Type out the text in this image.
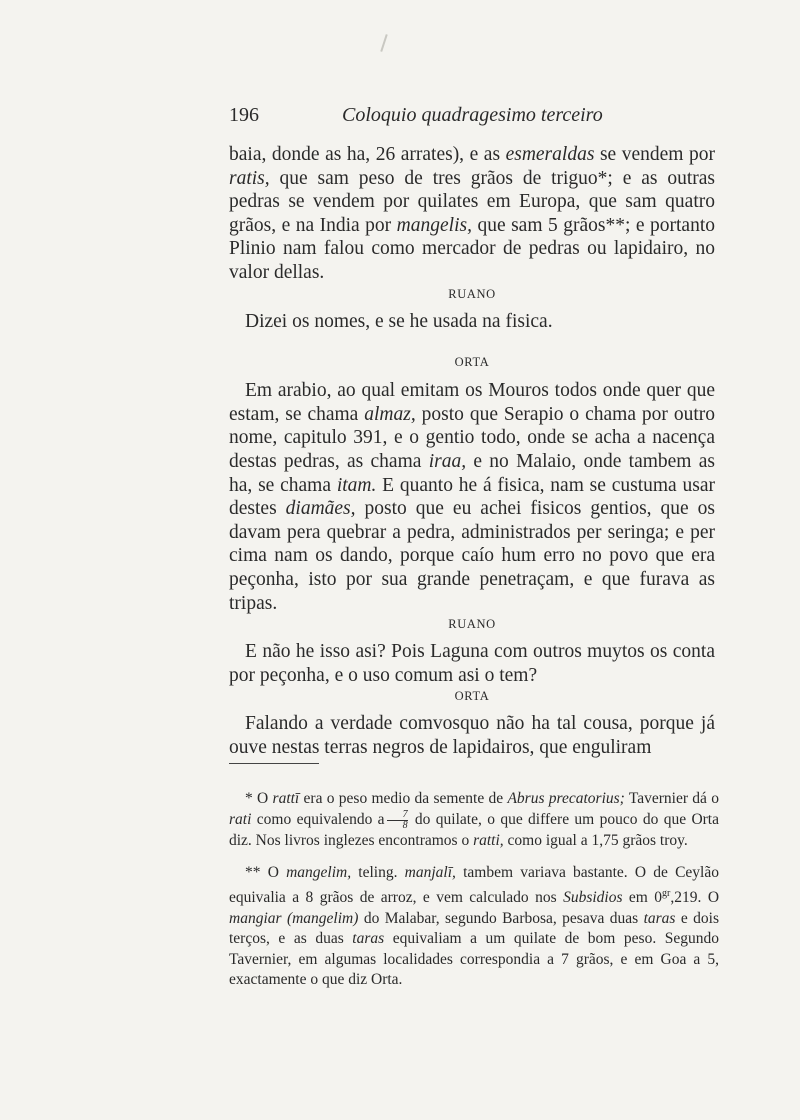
196	Coloquio quadragesimo terceiro

baia, donde as ha, 26 arrates), e as esmeraldas se vendem por ratis, que sam peso de tres grãos de triguo*; e as outras pedras se vendem por quilates em Europa, que sam quatro grãos, e na India por mangelis, que sam 5 grãos**; e portanto Plinio nam falou como mercador de pedras ou lapidairo, no valor dellas.

RUANO

Dizei os nomes, e se he usada na fisica.

ORTA

Em arabio, ao qual emitam os Mouros todos onde quer que estam, se chama almaz, posto que Serapio o chama por outro nome, capitulo 391, e o gentio todo, onde se acha a nacença destas pedras, as chama iraa, e no Malaio, onde tambem as ha, se chama itam. E quanto he á fisica, nam se custuma usar destes diamães, posto que eu achei fisicos gentios, que os davam pera quebrar a pedra, administrados per seringa; e per cima nam os dando, porque caío hum erro no povo que era peçonha, isto por sua grande penetraçam, e que furava as tripas.

RUANO

E não he isso asi? Pois Laguna com outros muytos os conta por peçonha, e o uso comum asi o tem?

ORTA

Falando a verdade comvosquo não ha tal cousa, porque já ouve nestas terras negros de lapidairos, que enguliram

* O rattī era o peso medio da semente de Abrus precatorius; Tavernier dá o rati como equivalendo a $\frac{7}{8}$ do quilate, o que differe um pouco do que Orta diz. Nos livros inglezes encontramos o ratti, como igual a 1,75 grãos troy.

** O mangelim, teling. manjalī, tambem variava bastante. O de Ceylão equivalia a 8 grãos de arroz, e vem calculado nos Subsidios em $0^{gr},219$. O mangiar (mangelim) do Malabar, segundo Barbosa, pesava duas taras e dois terços, e as duas taras equivaliam a um quilate de bom peso. Segundo Tavernier, em algumas localidades correspondia a 7 grãos, e em Goa a 5, exactamente o que diz Orta.
